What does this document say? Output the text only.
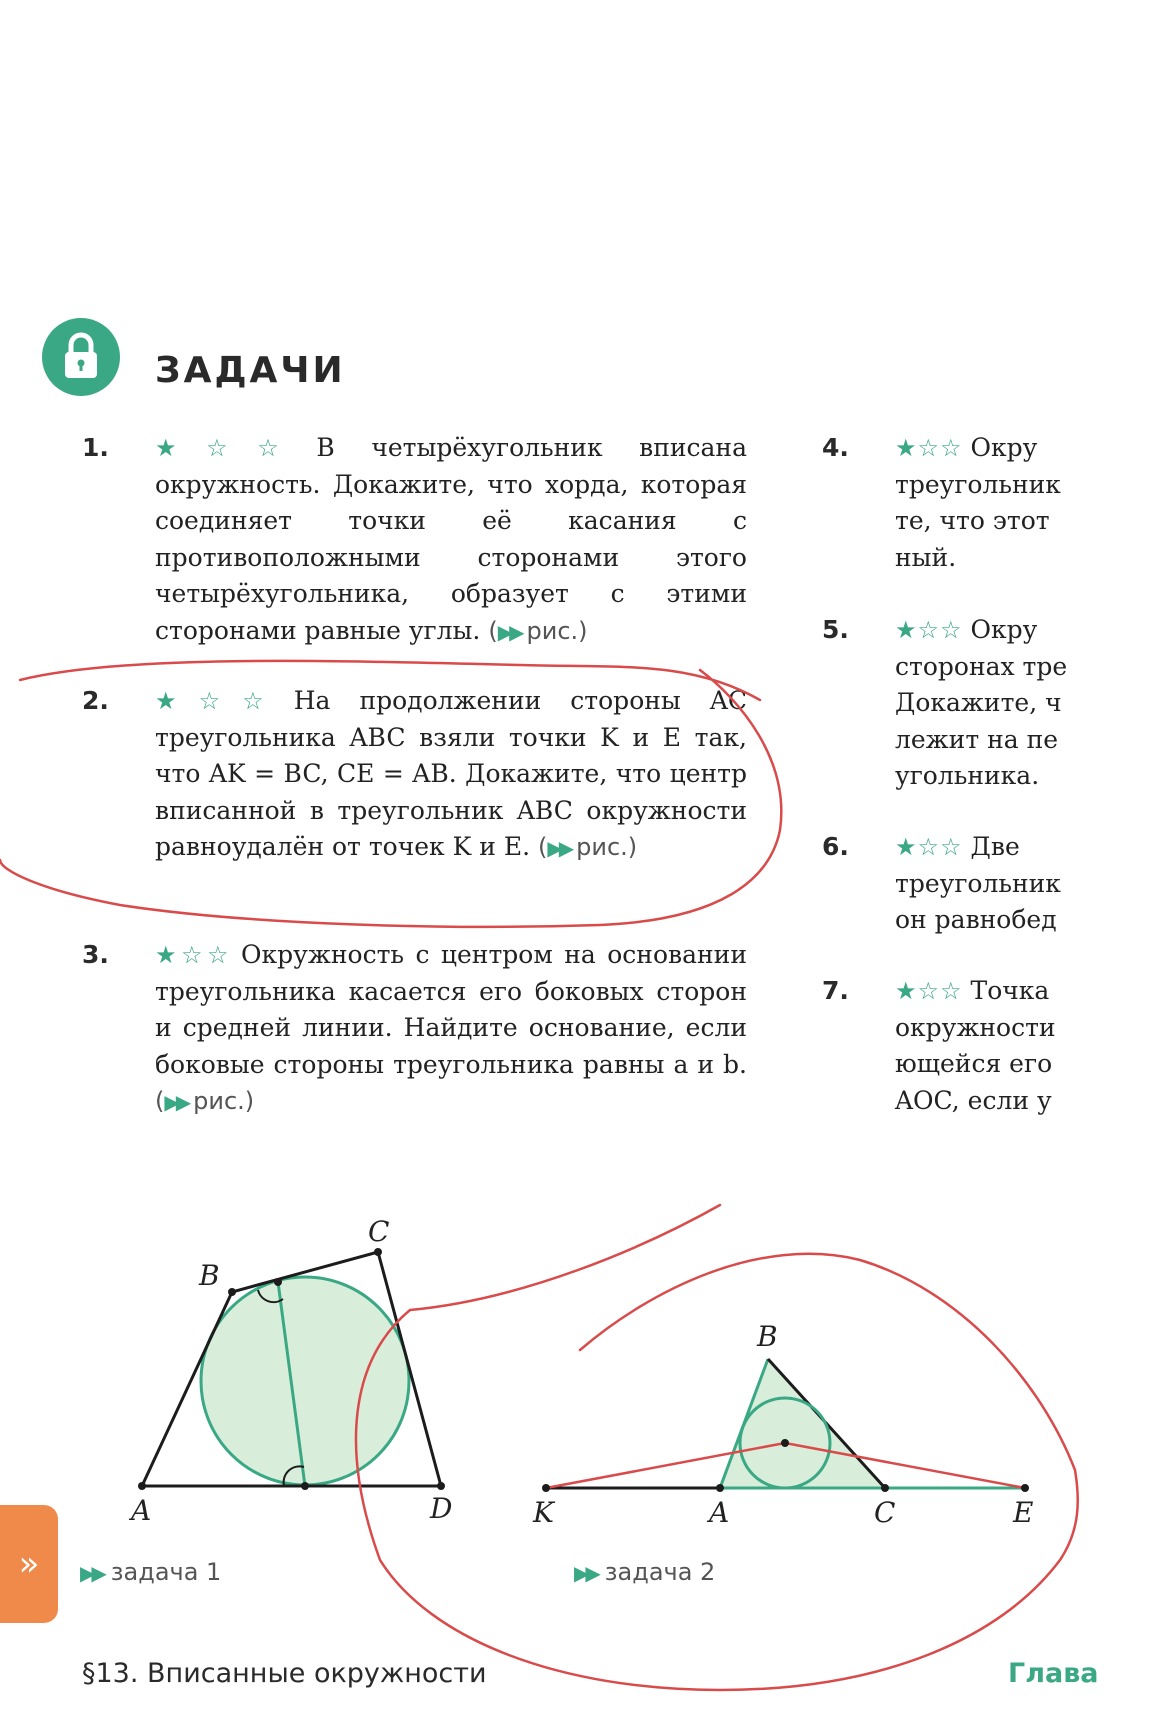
ЗАДАЧИ
1. ★☆☆ В четырёхугольник вписана окружность. Докажите, что хорда, которая соединяет точки её касания с противоположными сторонами этого четырёхугольника, образует с этими сторонами равные углы. (▶▶ рис.)
2. ★☆☆ На продолжении стороны AC треугольника ABC взяли точки K и E так, что AK = BC, CE = AB. Докажите, что центр вписанной в треугольник ABC окружности равноудалён от точек K и E. (▶▶ рис.)
3. ★☆☆ Окружность с центром на основании треугольника касается его боковых сторон и средней линии. Найдите основание, если боковые стороны треугольника равны a и b. (▶▶ рис.)
4. ★☆☆ Окру
треугольник
те, что этот
ный.
5. ★☆☆ Окру
сторонах тре
Докажите, ч
лежит на пе
угольника.
6. ★☆☆ Две
треугольник
он равнобед
7. ★☆☆ Точка
окружности
ющейся его
AOC, если у
A
B
C
D	K	A
B
C	E
▶▶ задача 1	▶▶ задача 2
»
§13. Вписанные окружности	Глава
